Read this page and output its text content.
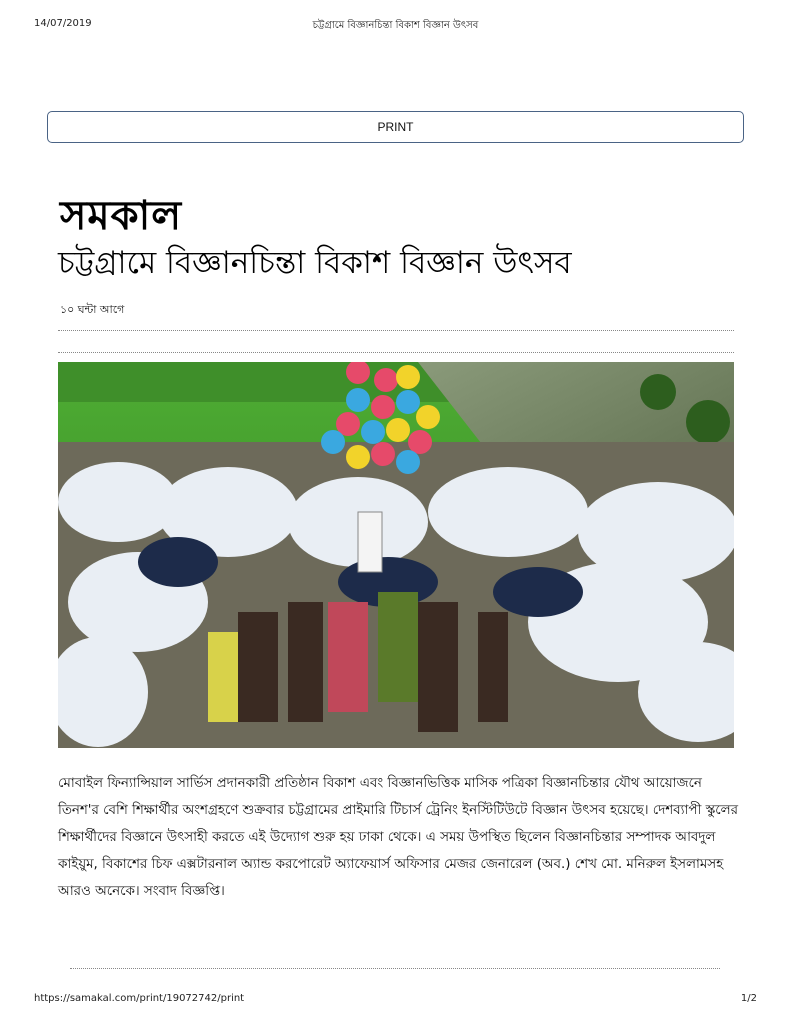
14/07/2019	চট্টগ্রামে বিজ্ঞানচিন্তা বিকাশ বিজ্ঞান উৎসব
PRINT
সমকাল
চট্টগ্রামে বিজ্ঞানচিন্তা বিকাশ বিজ্ঞান উৎসব
১০ ঘন্টা আগে
মোবাইল ফিন্যান্সিয়াল সার্ভিস প্রদানকারী প্রতিষ্ঠান বিকাশ এবং বিজ্ঞানভিত্তিক মাসিক পত্রিকা বিজ্ঞানচিন্তার যৌথ আয়োজনে তিনশ'র বেশি শিক্ষার্থীর অংশগ্রহণে শুক্রবার চট্টগ্রামের প্রাইমারি টিচার্স ট্রেনিং ইনস্টিটিউটে বিজ্ঞান উৎসব হয়েছে। দেশব্যাপী স্কুলের শিক্ষার্থীদের বিজ্ঞানে উৎসাহী করতে এই উদ্যোগ শুরু হয় ঢাকা থেকে। এ সময় উপস্থিত ছিলেন বিজ্ঞানচিন্তার সম্পাদক আবদুল কাইয়ুম, বিকাশের চিফ এক্সটারনাল অ্যান্ড করপোরেট অ্যাফেয়ার্স অফিসার মেজর জেনারেল (অব.) শেখ মো. মনিরুল ইসলামসহ আরও অনেকে। সংবাদ বিজ্ঞপ্তি।
https://samakal.com/print/19072742/print	1/2
